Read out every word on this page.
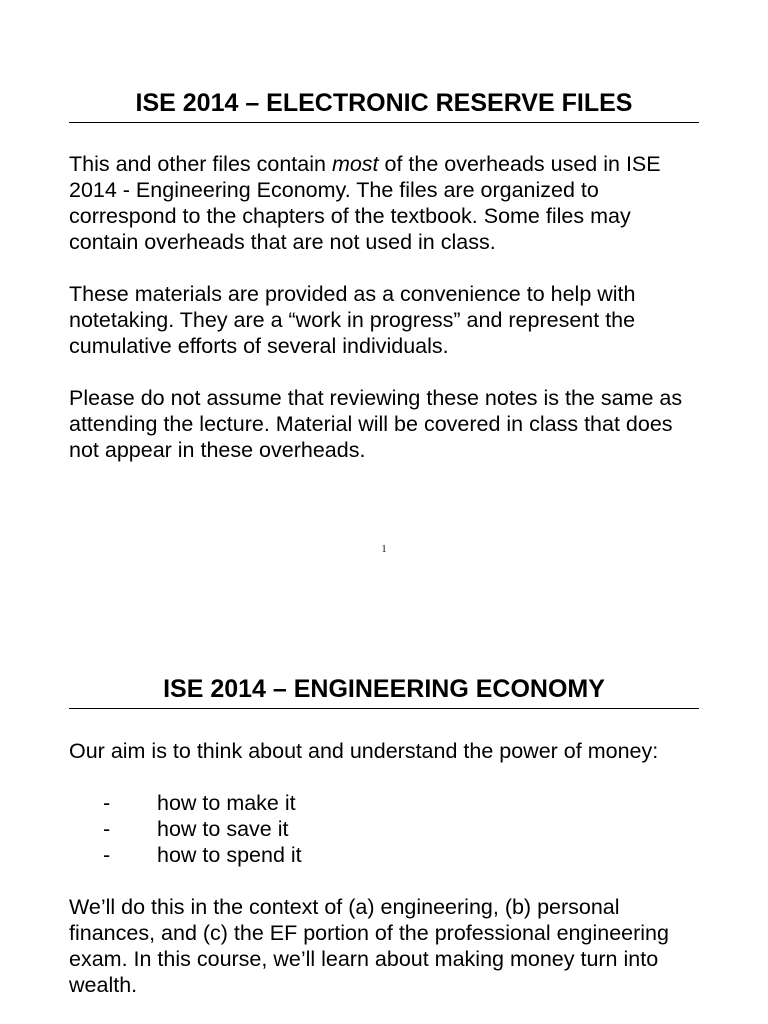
ISE 2014 – ELECTRONIC RESERVE FILES

This and other files contain most of the overheads used in ISE 2014 - Engineering Economy. The files are organized to correspond to the chapters of the textbook. Some files may contain overheads that are not used in class.

These materials are provided as a convenience to help with notetaking. They are a “work in progress” and represent the cumulative efforts of several individuals.

Please do not assume that reviewing these notes is the same as attending the lecture. Material will be covered in class that does not appear in these overheads.

1
ISE 2014 – ENGINEERING ECONOMY

Our aim is to think about and understand the power of money:

-	how to make it
-	how to save it
-	how to spend it

We’ll do this in the context of (a) engineering, (b) personal finances, and (c) the EF portion of the professional engineering exam. In this course, we’ll learn about making money turn into wealth.
